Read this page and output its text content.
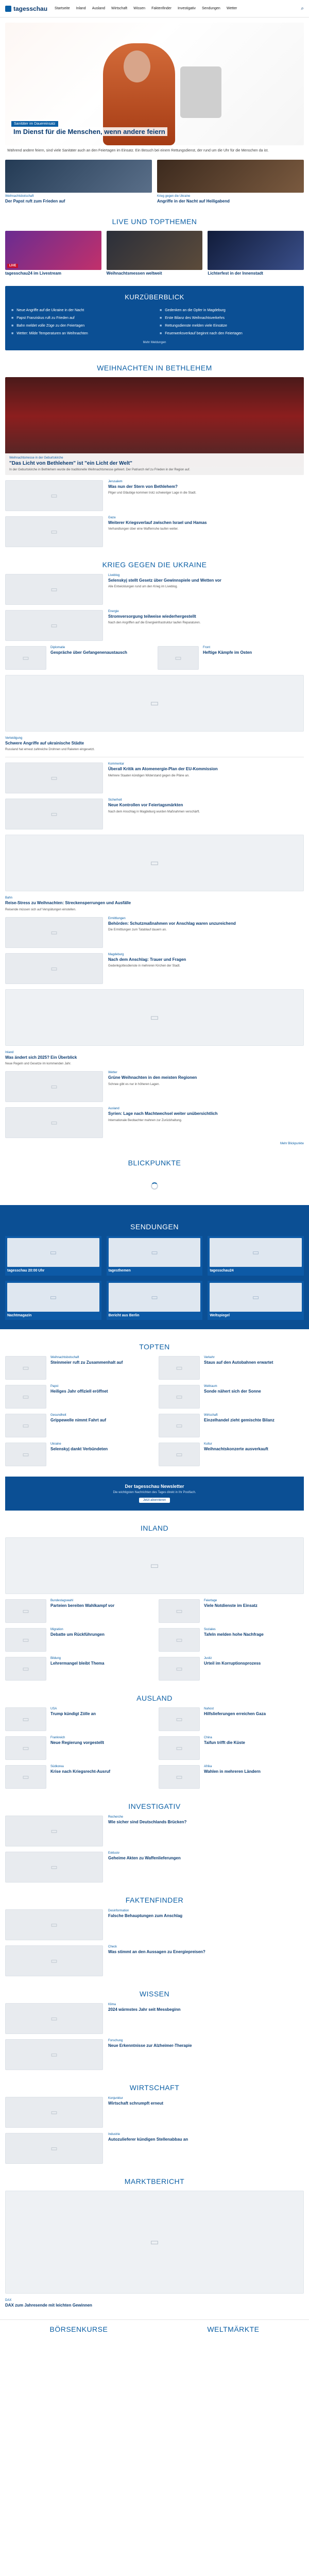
tagesschau Startseite Inland Ausland Wirtschaft Wissen Faktenfinder Investigativ Sendungen Wetter	⌕
Sanitäter im Dauereinsatz
Im Dienst für die Menschen, wenn andere feiern

Während andere feiern, sind viele Sanitäter auch an den Feiertagen im Einsatz. Ein Besuch bei einem Rettungsdienst, der rund um die Uhr für die Menschen da ist.

Weihnachtsbotschaft
Der Papst ruft zum Frieden auf
Krieg gegen die Ukraine
Angriffe in der Nacht auf Heiligabend
LIVE UND TOPTHEMEN
LIVE
tagesschau24 im Livestream	Weihnachtsmessen weltweit	Lichterfest in der Innenstadt
KURZÜBERBLICK
■ Neue Angriffe auf die Ukraine in der Nacht
■ Papst Franziskus ruft zu Frieden auf
■ Bahn meldet volle Züge zu den Feiertagen
■ Wetter: Milde Temperaturen an Weihnachten
■ Gedenken an die Opfer in Magdeburg
■ Erste Bilanz des Weihnachtsverkehrs
■ Rettungsdienste melden viele Einsätze
■ Feuerwerksverkauf beginnt nach den Feiertagen
Mehr Meldungen
WEIHNACHTEN IN BETHLEHEM
Weihnachtsmesse in der Geburtskirche
"Das Licht von Bethlehem" ist "ein Licht der Welt"
In der Geburtskirche in Bethlehem wurde die traditionelle Weihnachtsmesse gefeiert. Der Patriarch rief zu Frieden in der Region auf.
▭
Jerusalem
Was nun der Stern von Bethlehem?
Pilger und Gläubige kommen trotz schwieriger Lage in die Stadt.
▭
Gaza
Weiterer Kriegsverlauf zwischen Israel und Hamas
Verhandlungen über eine Waffenruhe laufen weiter.
KRIEG GEGEN DIE UKRAINE
▭
Liveblog
Selenskyj stellt Gesetz über Gewinnspiele und Wetten vor
Alle Entwicklungen rund um den Krieg im Liveblog.
▭
Energie
Stromversorgung teilweise wiederhergestellt
Nach den Angriffen auf die Energieinfrastruktur laufen Reparaturen.
▭
Diplomatie
Gespräche über Gefangenenaustausch
▭
Front
Heftige Kämpfe im Osten
▭
Verteidigung
Schwere Angriffe auf ukrainische Städte
Russland hat erneut zahlreiche Drohnen und Raketen eingesetzt.
▭
Kommentar
Überall Kritik am Atomenergie-Plan der EU-Kommission
Mehrere Staaten kündigen Widerstand gegen die Pläne an.
▭
Sicherheit
Neue Kontrollen vor Feiertagsmärkten
Nach dem Anschlag in Magdeburg wurden Maßnahmen verschärft.
▭
Bahn
Reise-Stress zu Weihnachten: Streckensperrungen und Ausfälle
Reisende müssen sich auf Verspätungen einstellen.
▭
Ermittlungen
Behörden: Schutzmaßnahmen vor Anschlag waren unzureichend
Die Ermittlungen zum Tatablauf dauern an.
▭
Magdeburg
Nach dem Anschlag: Trauer und Fragen
Gedenkgottesdienste in mehreren Kirchen der Stadt.
▭
Inland
Was ändert sich 2025? Ein Überblick
Neue Regeln und Gesetze im kommenden Jahr.
▭
Wetter
Grüne Weihnachten in den meisten Regionen
Schnee gibt es nur in höheren Lagen.
▭
Ausland
Syrien: Lage nach Machtwechsel weiter unübersichtlich
Internationale Beobachter mahnen zur Zurückhaltung.
Mehr Blickpunkte
BLICKPUNKTE
SENDUNGEN
▭
tagesschau 20:00 Uhr
▭	tagesthemen
▭	tagesschau24
▭
Nachtmagazin
▭	Bericht aus Berlin
▭	Weltspiegel
TOPTEN
▭
Weihnachtsbotschaft
Steinmeier ruft zu Zusammenhalt auf
▭
Verkehr
Staus auf den Autobahnen erwartet
▭
Papst
Heiliges Jahr offiziell eröffnet
▭
Weltraum
Sonde nähert sich der Sonne
▭
Gesundheit
Grippewelle nimmt Fahrt auf
▭
Wirtschaft
Einzelhandel zieht gemischte Bilanz
▭
Ukraine
Selenskyj dankt Verbündeten
▭
Kultur
Weihnachtskonzerte ausverkauft
Der tagesschau Newsletter
Die wichtigsten Nachrichten des Tages direkt in Ihr Postfach.
Jetzt abonnieren
INLAND
▭
▭
Bundestagswahl
Parteien bereiten Wahlkampf vor
▭
Feiertage
Viele Notdienste im Einsatz
▭
Migration
Debatte um Rückführungen
▭
Soziales
Tafeln melden hohe Nachfrage
▭
Bildung
Lehrermangel bleibt Thema
▭
Justiz
Urteil im Korruptionsprozess
AUSLAND
▭
USA
Trump kündigt Zölle an
▭
Nahost
Hilfslieferungen erreichen Gaza
▭
Frankreich
Neue Regierung vorgestellt
▭
China
Taifun trifft die Küste
▭
Südkorea
Krise nach Kriegsrecht-Ausruf
▭
Afrika
Wahlen in mehreren Ländern
INVESTIGATIV
▭
Recherche
Wie sicher sind Deutschlands Brücken?
▭
Exklusiv
Geheime Akten zu Waffenlieferungen
FAKTENFINDER
▭
Desinformation
Falsche Behauptungen zum Anschlag
▭
Check
Was stimmt an den Aussagen zu Energiepreisen?
WISSEN
▭
Klima
2024 wärmstes Jahr seit Messbeginn
▭
Forschung
Neue Erkenntnisse zur Alzheimer-Therapie
WIRTSCHAFT
▭
Konjunktur
Wirtschaft schrumpft erneut
▭
Industrie
Autozulieferer kündigen Stellenabbau an
MARKTBERICHT
▭
DAX
DAX zum Jahresende mit leichten Gewinnen
BÖRSENKURSE	WELTMÄRKTE
